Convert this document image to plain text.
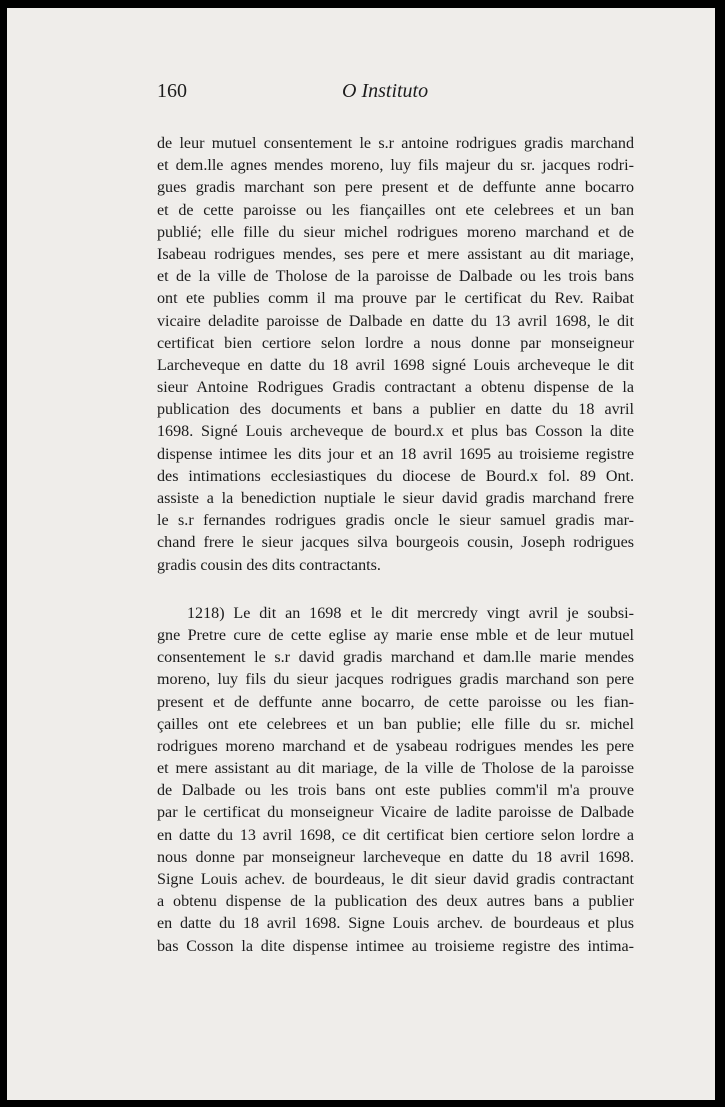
160	O Instituto
de leur mutuel consentement le s.r antoine rodrigues gradis marchand
et dem.lle agnes mendes moreno, luy fils majeur du sr. jacques rodri-
gues gradis marchant son pere present et de deffunte anne bocarro
et de cette paroisse ou les fiançailles ont ete celebrees et un ban
publié; elle fille du sieur michel rodrigues moreno marchand et de
Isabeau rodrigues mendes, ses pere et mere assistant au dit mariage,
et de la ville de Tholose de la paroisse de Dalbade ou les trois bans
ont ete publies comm il ma prouve par le certificat du Rev. Raibat
vicaire deladite paroisse de Dalbade en datte du 13 avril 1698, le dit
certificat bien certiore selon lordre a nous donne par monseigneur
Larcheveque en datte du 18 avril 1698 signé Louis archeveque le dit
sieur Antoine Rodrigues Gradis contractant a obtenu dispense de la
publication des documents et bans a publier en datte du 18 avril
1698. Signé Louis archeveque de bourd.x et plus bas Cosson la dite
dispense intimee les dits jour et an 18 avril 1695 au troisieme registre
des intimations ecclesiastiques du diocese de Bourd.x fol. 89 Ont.
assiste a la benediction nuptiale le sieur david gradis marchand frere
le s.r fernandes rodrigues gradis oncle le sieur samuel gradis mar-
chand frere le sieur jacques silva bourgeois cousin, Joseph rodrigues
gradis cousin des dits contractants.
1218) Le dit an 1698 et le dit mercredy vingt avril je soubsi-
gne Pretre cure de cette eglise ay marie ense mble et de leur mutuel
consentement le s.r david gradis marchand et dam.lle marie mendes
moreno, luy fils du sieur jacques rodrigues gradis marchand son pere
present et de deffunte anne bocarro, de cette paroisse ou les fian-
çailles ont ete celebrees et un ban publie; elle fille du sr. michel
rodrigues moreno marchand et de ysabeau rodrigues mendes les pere
et mere assistant au dit mariage, de la ville de Tholose de la paroisse
de Dalbade ou les trois bans ont este publies comm'il m'a prouve
par le certificat du monseigneur Vicaire de ladite paroisse de Dalbade
en datte du 13 avril 1698, ce dit certificat bien certiore selon lordre a
nous donne par monseigneur larcheveque en datte du 18 avril 1698.
Signe Louis achev. de bourdeaus, le dit sieur david gradis contractant
a obtenu dispense de la publication des deux autres bans a publier
en datte du 18 avril 1698. Signe Louis archev. de bourdeaus et plus
bas Cosson la dite dispense intimee au troisieme registre des intima-
